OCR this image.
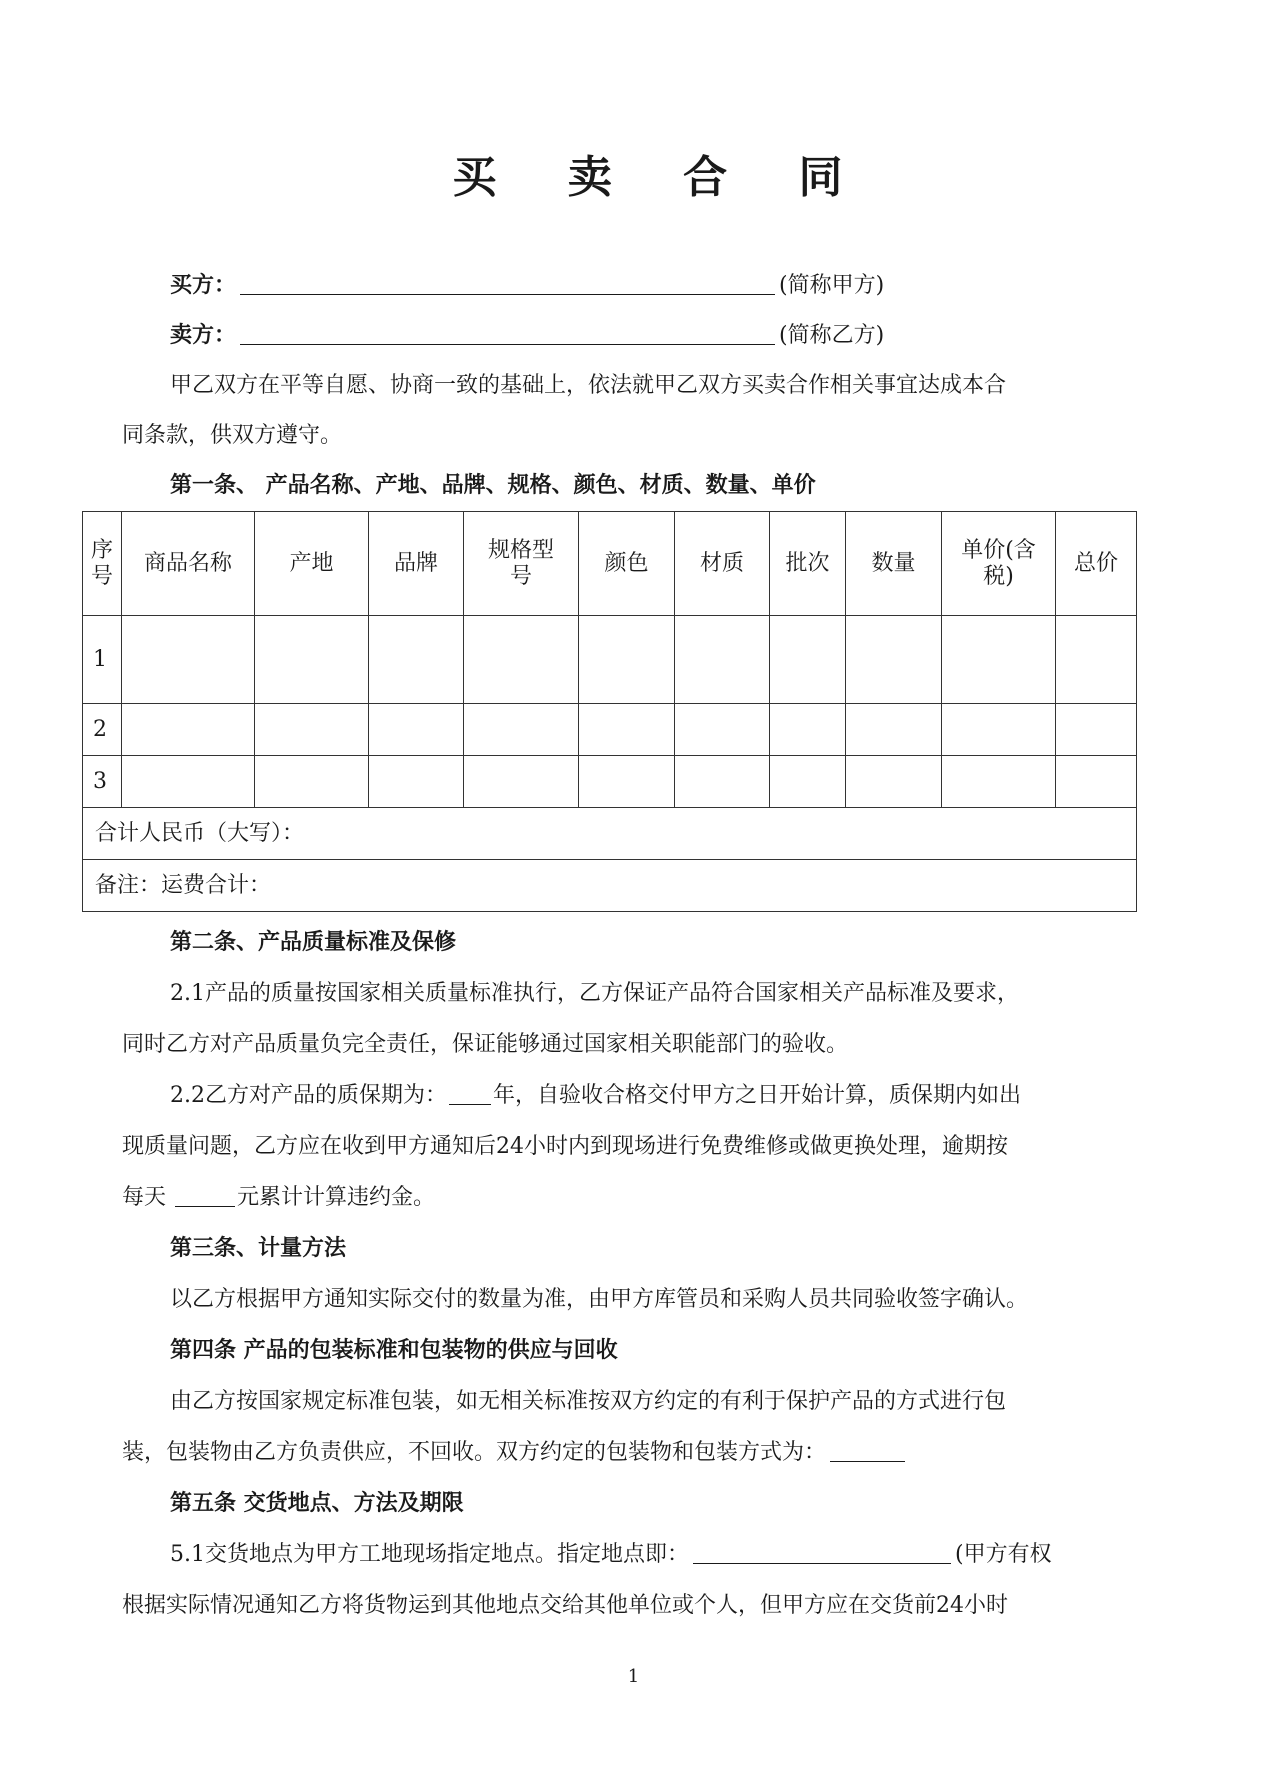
买 卖 合 同
买方：	(简称甲方)
卖方：	(简称乙方)
甲乙双方在平等自愿、协商一致的基础上，依法就甲乙双方买卖合作相关事宜达成本合
同条款，供双方遵守。
第一条、 产品名称、产地、品牌、规格、颜色、材质、数量、单价
序号	商品名称	产地	品牌	规格型号	颜色	材质	批次	数量	单价(含税)	总价
1										
2										
3										
合计人民币（大写）：										
备注：运费合计：										
第二条、产品质量标准及保修
2.1产品的质量按国家相关质量标准执行，乙方保证产品符合国家相关产品标准及要求，
同时乙方对产品质量负完全责任，保证能够通过国家相关职能部门的验收。
2.2乙方对产品的质保期为： 年，自验收合格交付甲方之日开始计算，质保期内如出
现质量问题，乙方应在收到甲方通知后24小时内到现场进行免费维修或做更换处理，逾期按
每天	元累计计算违约金。
第三条、计量方法
以乙方根据甲方通知实际交付的数量为准，由甲方库管员和采购人员共同验收签字确认。
第四条 产品的包装标准和包装物的供应与回收
由乙方按国家规定标准包装，如无相关标准按双方约定的有利于保护产品的方式进行包
装，包装物由乙方负责供应，不回收。双方约定的包装物和包装方式为：
第五条 交货地点、方法及期限
5.1交货地点为甲方工地现场指定地点。指定地点即：	(甲方有权
根据实际情况通知乙方将货物运到其他地点交给其他单位或个人，但甲方应在交货前24小时
1
